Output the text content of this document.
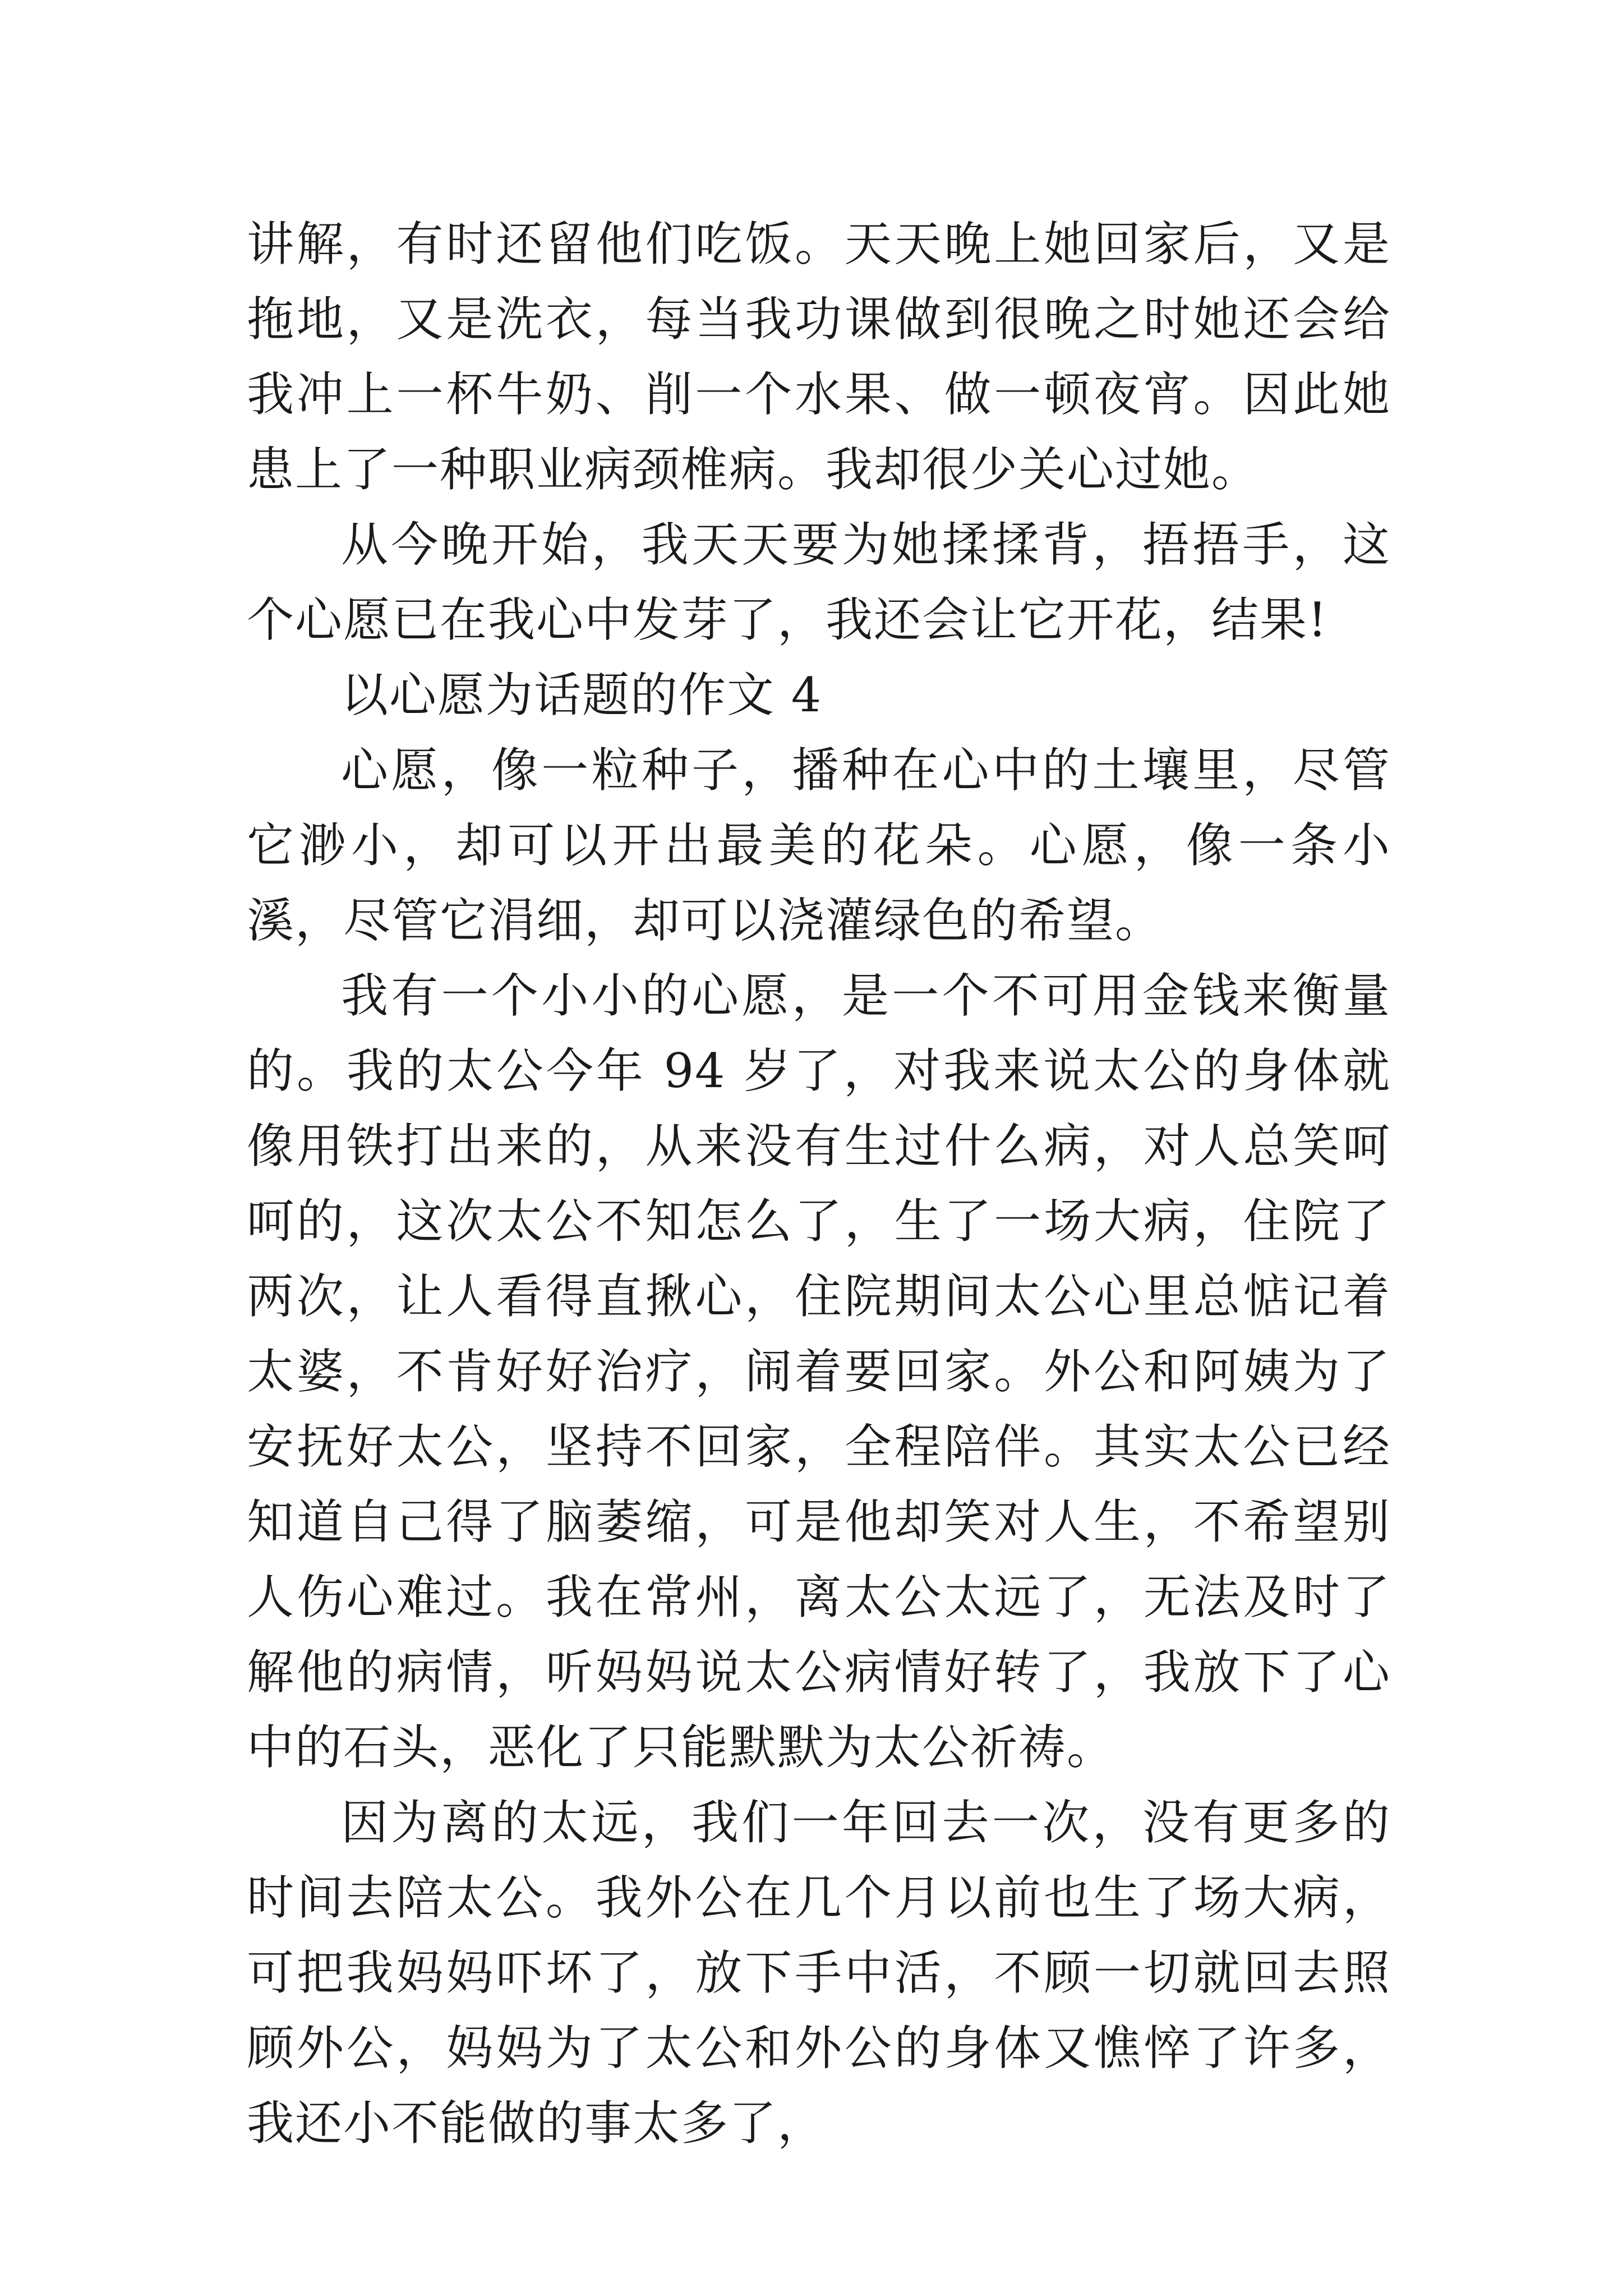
讲解，有时还留他们吃饭。天天晚上她回家后，又是拖地，又是洗衣，每当我功课做到很晚之时她还会给我冲上一杯牛奶、削一个水果、做一顿夜宵。因此她患上了一种职业病颈椎病。我却很少关心过她。

从今晚开始，我天天要为她揉揉背，捂捂手，这个心愿已在我心中发芽了，我还会让它开花，结果!

以心愿为话题的作文 4

心愿，像一粒种子，播种在心中的土壤里，尽管它渺小，却可以开出最美的花朵。心愿，像一条小溪，尽管它涓细，却可以浇灌绿色的希望。

我有一个小小的心愿，是一个不可用金钱来衡量的。我的太公今年 94 岁了，对我来说太公的身体就像用铁打出来的，从来没有生过什么病，对人总笑呵呵的，这次太公不知怎么了，生了一场大病，住院了两次，让人看得直揪心，住院期间太公心里总惦记着太婆，不肯好好治疗，闹着要回家。外公和阿姨为了安抚好太公，坚持不回家，全程陪伴。其实太公已经知道自己得了脑萎缩，可是他却笑对人生，不希望别人伤心难过。我在常州，离太公太远了，无法及时了解他的病情，听妈妈说太公病情好转了，我放下了心中的石头，恶化了只能默默为太公祈祷。

因为离的太远，我们一年回去一次，没有更多的时间去陪太公。我外公在几个月以前也生了场大病，可把我妈妈吓坏了，放下手中活，不顾一切就回去照顾外公，妈妈为了太公和外公的身体又憔悴了许多，我还小不能做的事太多了，
